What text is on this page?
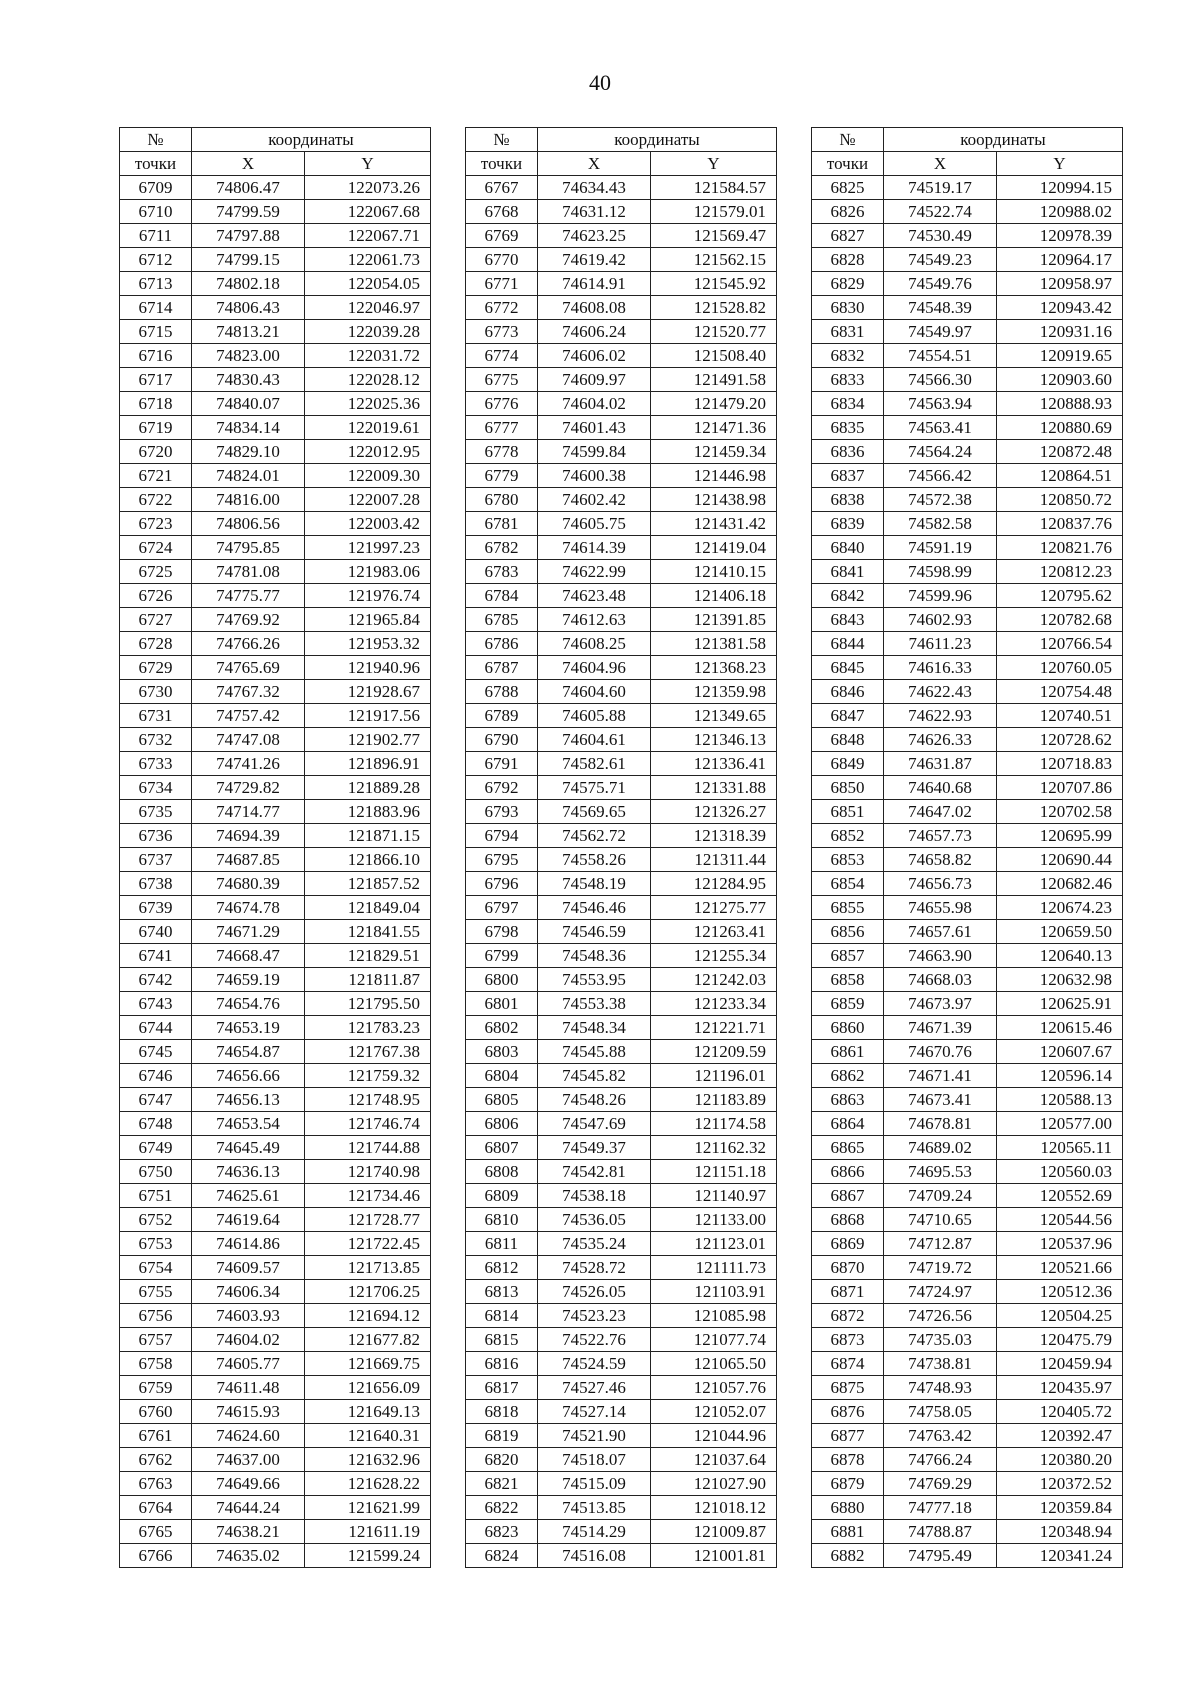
40
№	координаты	
точки	X	Y
6709	74806.47	122073.26
6710	74799.59	122067.68
6711	74797.88	122067.71
6712	74799.15	122061.73
6713	74802.18	122054.05
6714	74806.43	122046.97
6715	74813.21	122039.28
6716	74823.00	122031.72
6717	74830.43	122028.12
6718	74840.07	122025.36
6719	74834.14	122019.61
6720	74829.10	122012.95
6721	74824.01	122009.30
6722	74816.00	122007.28
6723	74806.56	122003.42
6724	74795.85	121997.23
6725	74781.08	121983.06
6726	74775.77	121976.74
6727	74769.92	121965.84
6728	74766.26	121953.32
6729	74765.69	121940.96
6730	74767.32	121928.67
6731	74757.42	121917.56
6732	74747.08	121902.77
6733	74741.26	121896.91
6734	74729.82	121889.28
6735	74714.77	121883.96
6736	74694.39	121871.15
6737	74687.85	121866.10
6738	74680.39	121857.52
6739	74674.78	121849.04
6740	74671.29	121841.55
6741	74668.47	121829.51
6742	74659.19	121811.87
6743	74654.76	121795.50
6744	74653.19	121783.23
6745	74654.87	121767.38
6746	74656.66	121759.32
6747	74656.13	121748.95
6748	74653.54	121746.74
6749	74645.49	121744.88
6750	74636.13	121740.98
6751	74625.61	121734.46
6752	74619.64	121728.77
6753	74614.86	121722.45
6754	74609.57	121713.85
6755	74606.34	121706.25
6756	74603.93	121694.12
6757	74604.02	121677.82
6758	74605.77	121669.75
6759	74611.48	121656.09
6760	74615.93	121649.13
6761	74624.60	121640.31
6762	74637.00	121632.96
6763	74649.66	121628.22
6764	74644.24	121621.99
6765	74638.21	121611.19
6766	74635.02	121599.24
№	координаты	
точки	X	Y
6767	74634.43	121584.57
6768	74631.12	121579.01
6769	74623.25	121569.47
6770	74619.42	121562.15
6771	74614.91	121545.92
6772	74608.08	121528.82
6773	74606.24	121520.77
6774	74606.02	121508.40
6775	74609.97	121491.58
6776	74604.02	121479.20
6777	74601.43	121471.36
6778	74599.84	121459.34
6779	74600.38	121446.98
6780	74602.42	121438.98
6781	74605.75	121431.42
6782	74614.39	121419.04
6783	74622.99	121410.15
6784	74623.48	121406.18
6785	74612.63	121391.85
6786	74608.25	121381.58
6787	74604.96	121368.23
6788	74604.60	121359.98
6789	74605.88	121349.65
6790	74604.61	121346.13
6791	74582.61	121336.41
6792	74575.71	121331.88
6793	74569.65	121326.27
6794	74562.72	121318.39
6795	74558.26	121311.44
6796	74548.19	121284.95
6797	74546.46	121275.77
6798	74546.59	121263.41
6799	74548.36	121255.34
6800	74553.95	121242.03
6801	74553.38	121233.34
6802	74548.34	121221.71
6803	74545.88	121209.59
6804	74545.82	121196.01
6805	74548.26	121183.89
6806	74547.69	121174.58
6807	74549.37	121162.32
6808	74542.81	121151.18
6809	74538.18	121140.97
6810	74536.05	121133.00
6811	74535.24	121123.01
6812	74528.72	121111.73
6813	74526.05	121103.91
6814	74523.23	121085.98
6815	74522.76	121077.74
6816	74524.59	121065.50
6817	74527.46	121057.76
6818	74527.14	121052.07
6819	74521.90	121044.96
6820	74518.07	121037.64
6821	74515.09	121027.90
6822	74513.85	121018.12
6823	74514.29	121009.87
6824	74516.08	121001.81
№	координаты	
точки	X	Y
6825	74519.17	120994.15
6826	74522.74	120988.02
6827	74530.49	120978.39
6828	74549.23	120964.17
6829	74549.76	120958.97
6830	74548.39	120943.42
6831	74549.97	120931.16
6832	74554.51	120919.65
6833	74566.30	120903.60
6834	74563.94	120888.93
6835	74563.41	120880.69
6836	74564.24	120872.48
6837	74566.42	120864.51
6838	74572.38	120850.72
6839	74582.58	120837.76
6840	74591.19	120821.76
6841	74598.99	120812.23
6842	74599.96	120795.62
6843	74602.93	120782.68
6844	74611.23	120766.54
6845	74616.33	120760.05
6846	74622.43	120754.48
6847	74622.93	120740.51
6848	74626.33	120728.62
6849	74631.87	120718.83
6850	74640.68	120707.86
6851	74647.02	120702.58
6852	74657.73	120695.99
6853	74658.82	120690.44
6854	74656.73	120682.46
6855	74655.98	120674.23
6856	74657.61	120659.50
6857	74663.90	120640.13
6858	74668.03	120632.98
6859	74673.97	120625.91
6860	74671.39	120615.46
6861	74670.76	120607.67
6862	74671.41	120596.14
6863	74673.41	120588.13
6864	74678.81	120577.00
6865	74689.02	120565.11
6866	74695.53	120560.03
6867	74709.24	120552.69
6868	74710.65	120544.56
6869	74712.87	120537.96
6870	74719.72	120521.66
6871	74724.97	120512.36
6872	74726.56	120504.25
6873	74735.03	120475.79
6874	74738.81	120459.94
6875	74748.93	120435.97
6876	74758.05	120405.72
6877	74763.42	120392.47
6878	74766.24	120380.20
6879	74769.29	120372.52
6880	74777.18	120359.84
6881	74788.87	120348.94
6882	74795.49	120341.24
